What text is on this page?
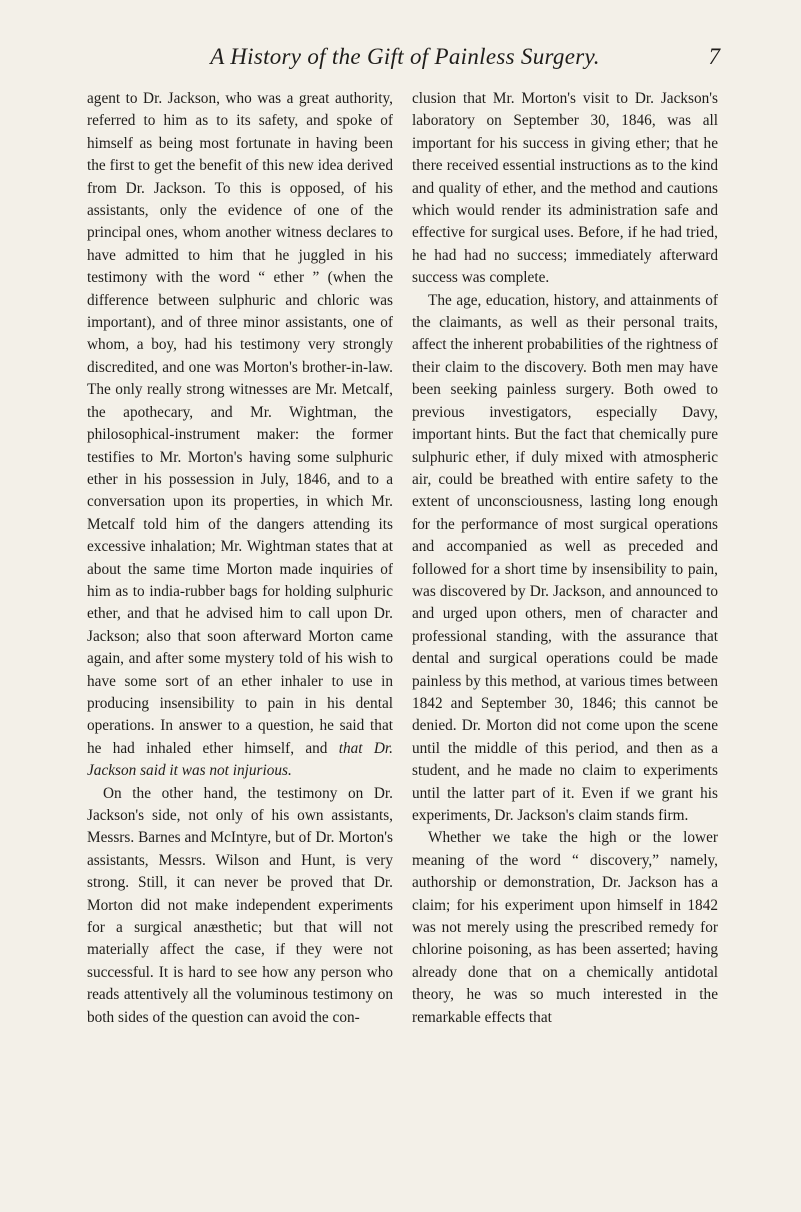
A History of the Gift of Painless Surgery.	7

agent to Dr. Jackson, who was a great authority, referred to him as to its safety, and spoke of himself as being most fortunate in having been the first to get the benefit of this new idea derived from Dr. Jackson. To this is opposed, of his assistants, only the evidence of one of the principal ones, whom another witness declares to have admitted to him that he juggled in his testimony with the word “ ether ” (when the difference between sulphuric and chloric was important), and of three minor assistants, one of whom, a boy, had his testimony very strongly discredited, and one was Morton's brother-in-law. The only really strong witnesses are Mr. Metcalf, the apothecary, and Mr. Wightman, the philosophical-instrument maker: the former testifies to Mr. Morton's having some sulphuric ether in his possession in July, 1846, and to a conversation upon its properties, in which Mr. Metcalf told him of the dangers attending its excessive inhalation; Mr. Wightman states that at about the same time Morton made inquiries of him as to india-rubber bags for holding sulphuric ether, and that he advised him to call upon Dr. Jackson; also that soon afterward Morton came again, and after some mystery told of his wish to have some sort of an ether inhaler to use in producing insensibility to pain in his dental operations. In answer to a question, he said that he had inhaled ether himself, and that Dr. Jackson said it was not injurious.

On the other hand, the testimony on Dr. Jackson's side, not only of his own assistants, Messrs. Barnes and McIntyre, but of Dr. Morton's assistants, Messrs. Wilson and Hunt, is very strong. Still, it can never be proved that Dr. Morton did not make independent experiments for a surgical anæsthetic; but that will not materially affect the case, if they were not successful. It is hard to see how any person who reads attentively all the voluminous testimony on both sides of the question can avoid the con-

clusion that Mr. Morton's visit to Dr. Jackson's laboratory on September 30, 1846, was all important for his success in giving ether; that he there received essential instructions as to the kind and quality of ether, and the method and cautions which would render its administration safe and effective for surgical uses. Before, if he had tried, he had had no success; immediately afterward success was complete.

The age, education, history, and attainments of the claimants, as well as their personal traits, affect the inherent probabilities of the rightness of their claim to the discovery. Both men may have been seeking painless surgery. Both owed to previous investigators, especially Davy, important hints. But the fact that chemically pure sulphuric ether, if duly mixed with atmospheric air, could be breathed with entire safety to the extent of unconsciousness, lasting long enough for the performance of most surgical operations and accompanied as well as preceded and followed for a short time by insensibility to pain, was discovered by Dr. Jackson, and announced to and urged upon others, men of character and professional standing, with the assurance that dental and surgical operations could be made painless by this method, at various times between 1842 and September 30, 1846; this cannot be denied. Dr. Morton did not come upon the scene until the middle of this period, and then as a student, and he made no claim to experiments until the latter part of it. Even if we grant his experiments, Dr. Jackson's claim stands firm.

Whether we take the high or the lower meaning of the word “ discovery,” namely, authorship or demonstration, Dr. Jackson has a claim; for his experiment upon himself in 1842 was not merely using the prescribed remedy for chlorine poisoning, as has been asserted; having already done that on a chemically antidotal theory, he was so much interested in the remarkable effects that
